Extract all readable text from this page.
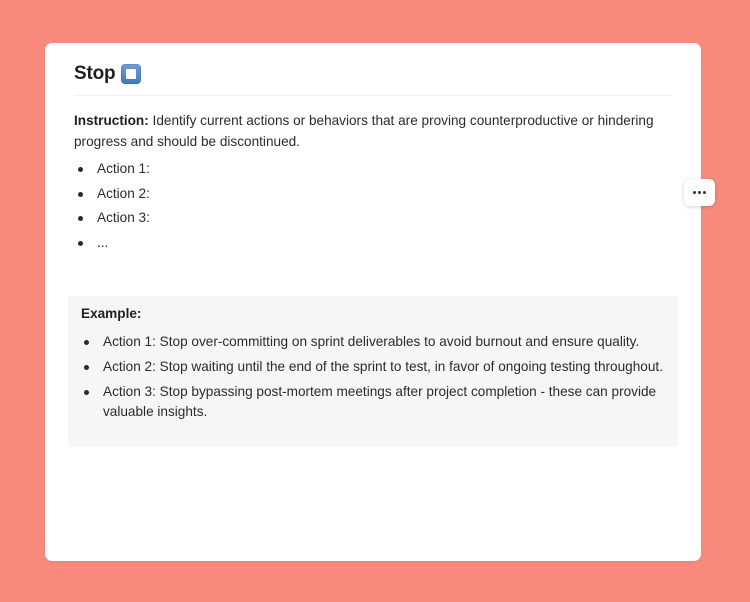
Stop
Instruction: Identify current actions or behaviors that are proving counterproductive or hindering progress and should be discontinued.
Action 1:
Action 2:
Action 3:
...
Example:
Action 1: Stop over-committing on sprint deliverables to avoid burnout and ensure quality.
Action 2: Stop waiting until the end of the sprint to test, in favor of ongoing testing throughout.
Action 3: Stop bypassing post-mortem meetings after project completion - these can provide valuable insights.
